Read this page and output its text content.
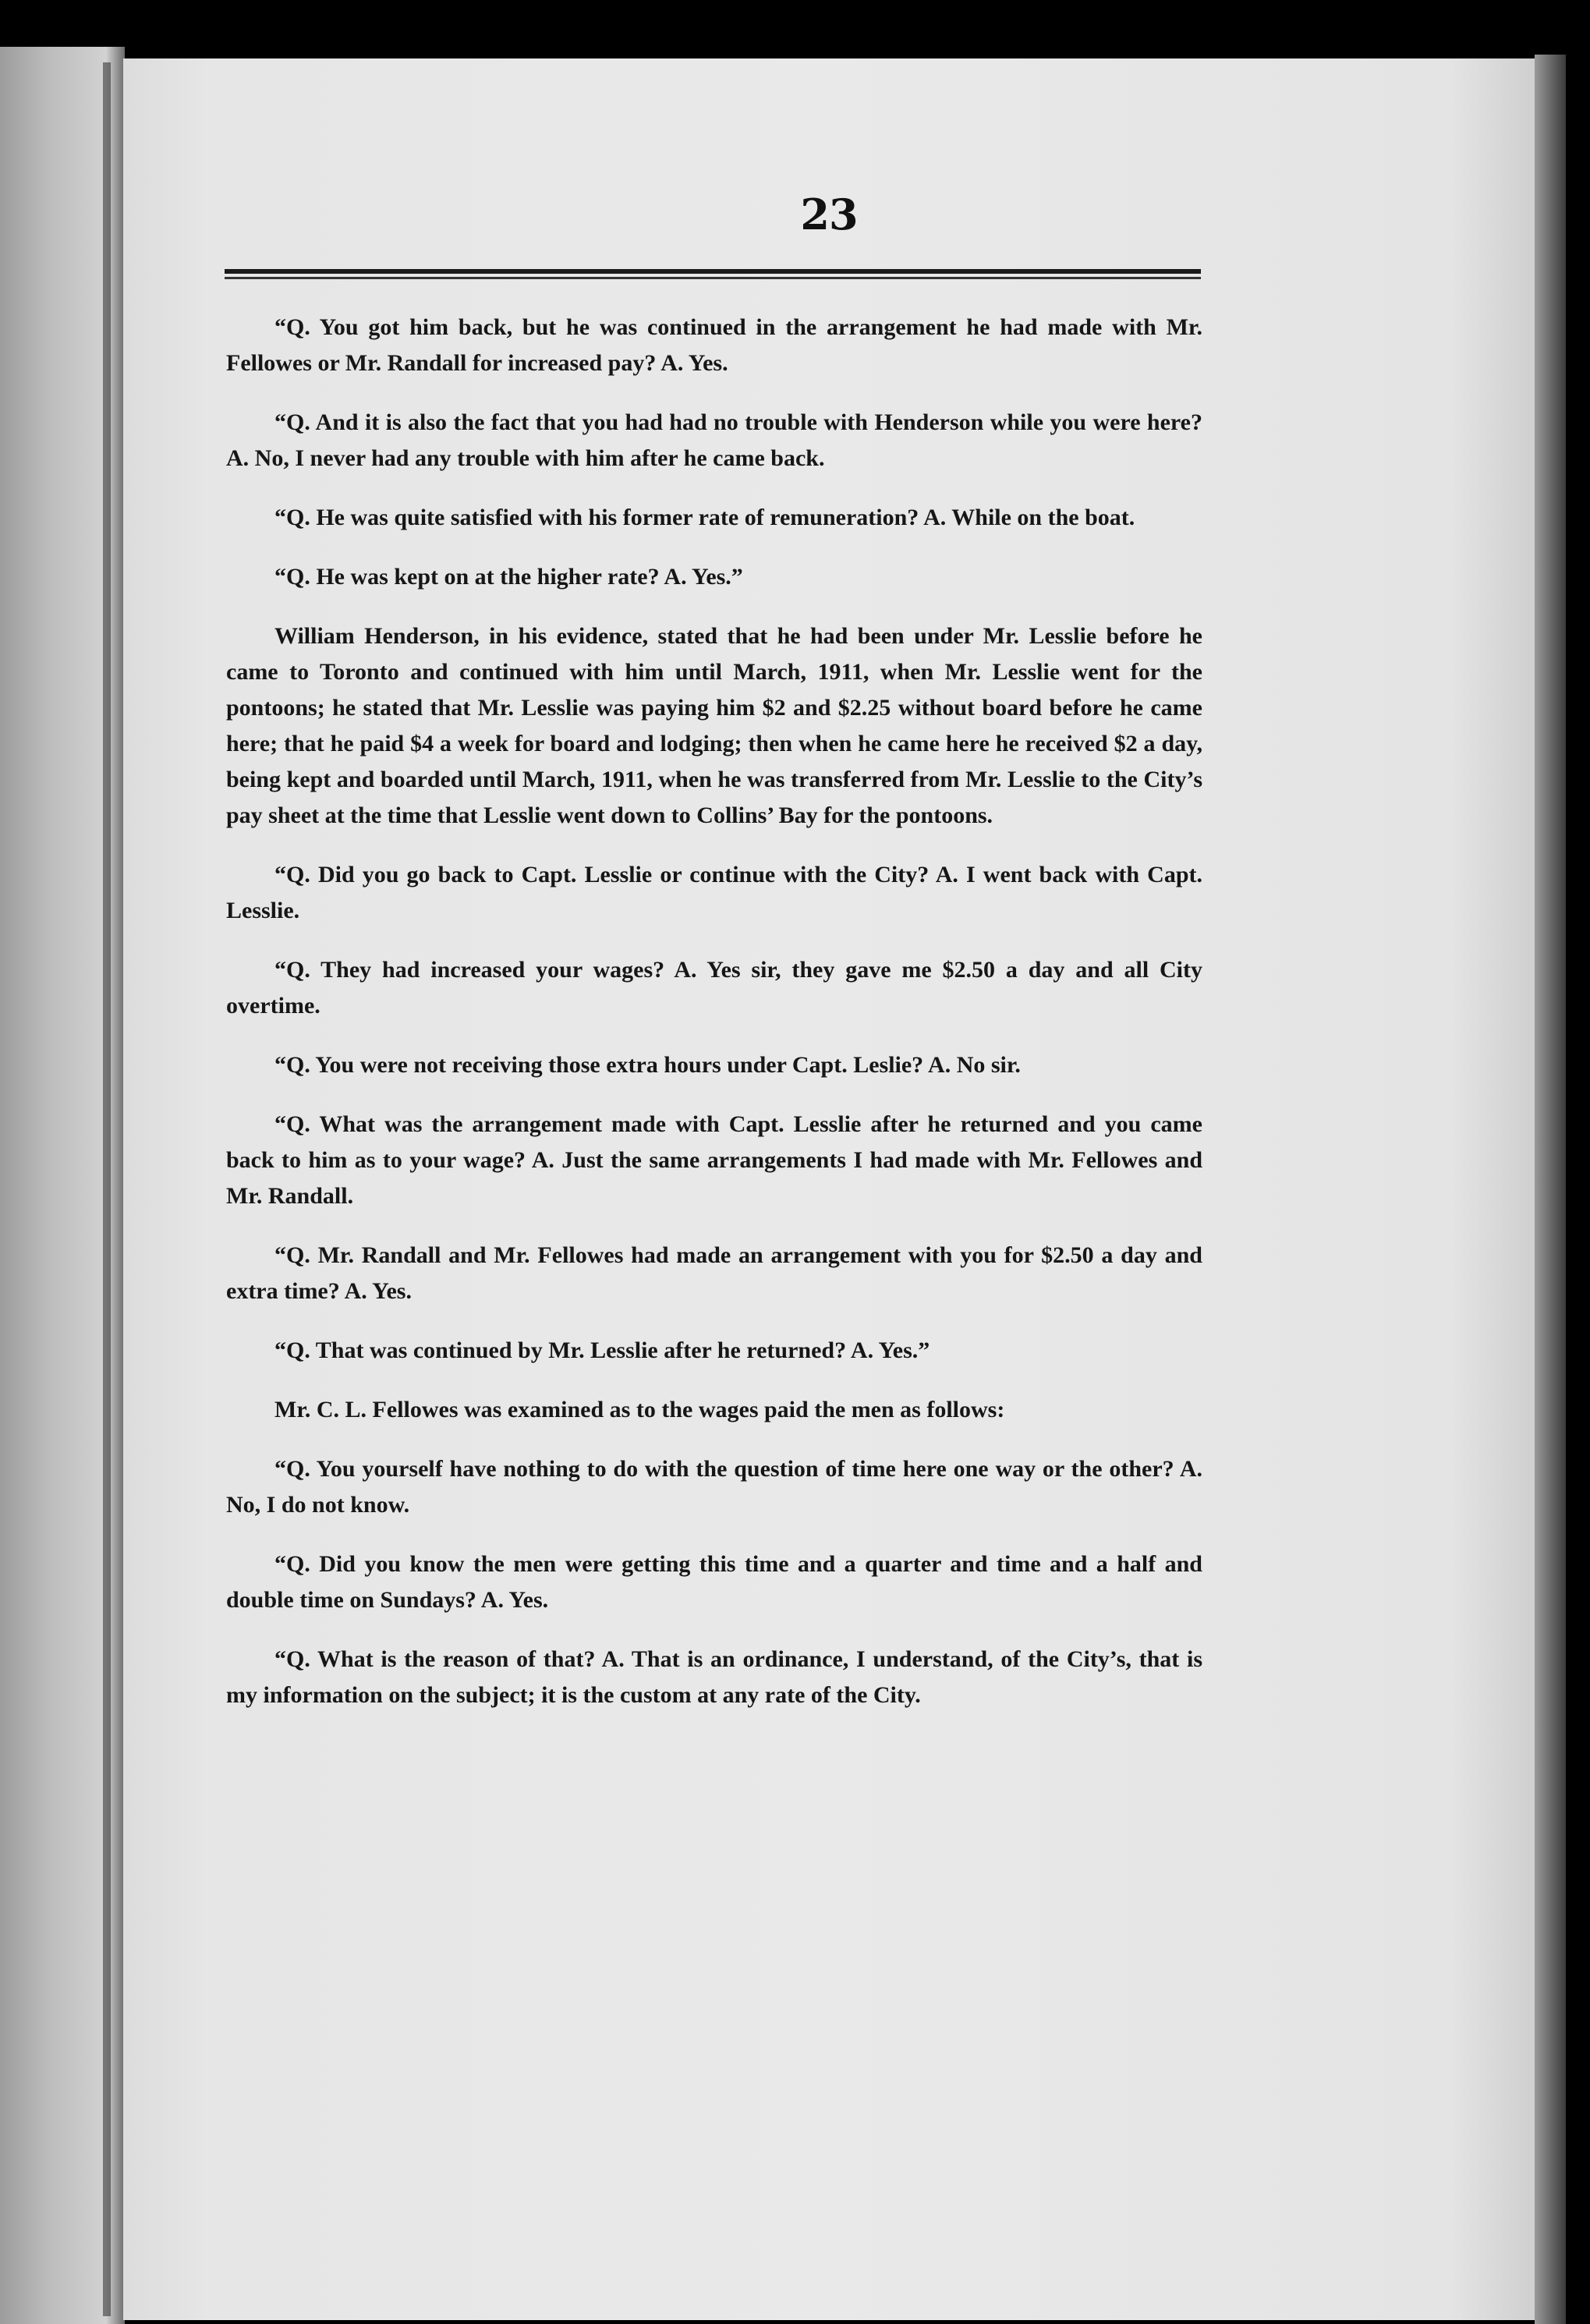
23

“Q. You got him back, but he was continued in the arrangement he had made with Mr. Fellowes or Mr. Randall for increased pay? A. Yes.

“Q. And it is also the fact that you had had no trouble with Henderson while you were here? A. No, I never had any trouble with him after he came back.

“Q. He was quite satisfied with his former rate of remuneration? A. While on the boat.

“Q. He was kept on at the higher rate? A. Yes.”

William Henderson, in his evidence, stated that he had been under Mr. Lesslie before he came to Toronto and continued with him until March, 1911, when Mr. Lesslie went for the pontoons; he stated that Mr. Lesslie was paying him $2 and $2.25 without board before he came here; that he paid $4 a week for board and lodging; then when he came here he received $2 a day, being kept and boarded until March, 1911, when he was transferred from Mr. Lesslie to the City’s pay sheet at the time that Lesslie went down to Collins’ Bay for the pontoons.

“Q. Did you go back to Capt. Lesslie or continue with the City? A. I went back with Capt. Lesslie.

“Q. They had increased your wages? A. Yes sir, they gave me $2.50 a day and all City overtime.

“Q. You were not receiving those extra hours under Capt. Leslie? A. No sir.

“Q. What was the arrangement made with Capt. Lesslie after he returned and you came back to him as to your wage? A. Just the same arrangements I had made with Mr. Fellowes and Mr. Randall.

“Q. Mr. Randall and Mr. Fellowes had made an arrangement with you for $2.50 a day and extra time? A. Yes.

“Q. That was continued by Mr. Lesslie after he returned? A. Yes.”

Mr. C. L. Fellowes was examined as to the wages paid the men as follows:

“Q. You yourself have nothing to do with the question of time here one way or the other? A. No, I do not know.

“Q. Did you know the men were getting this time and a quarter and time and a half and double time on Sundays? A. Yes.

“Q. What is the reason of that? A. That is an ordinance, I understand, of the City’s, that is my information on the subject; it is the custom at any rate of the City.
